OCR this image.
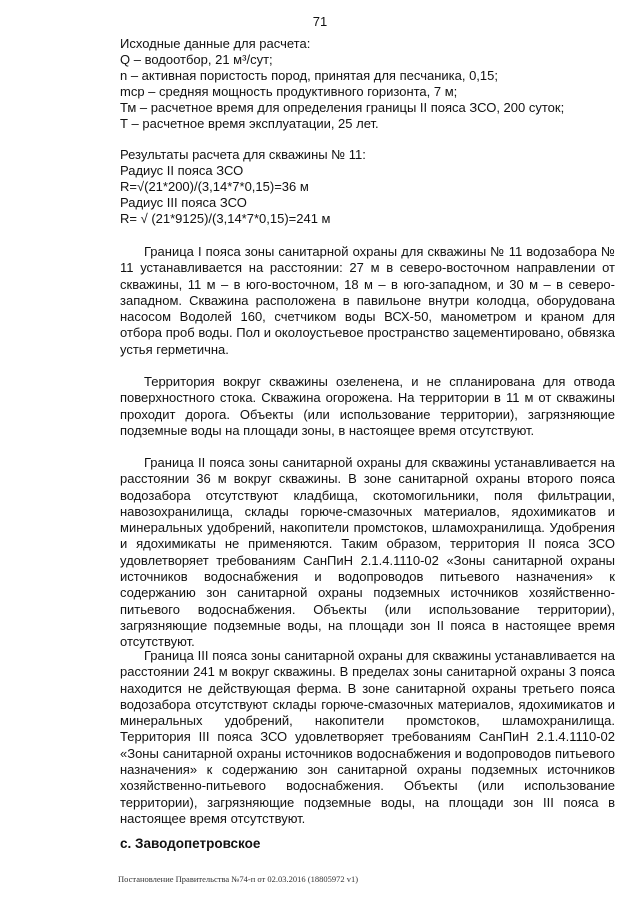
71
Исходные данные для расчета:
Q – водоотбор, 21 м³/сут;
n – активная пористость пород, принятая для песчаника, 0,15;
mср – средняя мощность продуктивного горизонта, 7 м;
Тм – расчетное время для определения границы II пояса ЗСО, 200 суток;
Т – расчетное время эксплуатации, 25 лет.
Результаты расчета для скважины № 11:
Радиус II пояса ЗСО
R=√(21*200)/(3,14*7*0,15)=36 м
Радиус III пояса ЗСО
R= √ (21*9125)/(3,14*7*0,15)=241 м

Граница I пояса зоны санитарной охраны для скважины № 11 водозабора № 11 устанавливается на расстоянии: 27 м в северо-восточном направлении от скважины, 11 м – в юго-восточном, 18 м – в юго-западном, и 30 м – в северо-западном. Скважина расположена в павильоне внутри колодца, оборудована насосом Водолей 160, счетчиком воды ВСХ-50, манометром и краном для отбора проб воды. Пол и околоустьевое пространство зацементировано, обвязка устья герметична.

Территория вокруг скважины озеленена, и не спланирована для отвода поверхностного стока. Скважина огорожена. На территории в 11 м от скважины проходит дорога. Объекты (или использование территории), загрязняющие подземные воды на площади зоны, в настоящее время отсутствуют.

Граница II пояса зоны санитарной охраны для скважины устанавливается на расстоянии 36 м вокруг скважины. В зоне санитарной охраны второго пояса водозабора отсутствуют кладбища, скотомогильники, поля фильтрации, навозохранилища, склады горюче-смазочных материалов, ядохимикатов и минеральных удобрений, накопители промстоков, шламохранилища. Удобрения и ядохимикаты не применяются. Таким образом, территория II пояса ЗСО удовлетворяет требованиям СанПиН 2.1.4.1110-02 «Зоны санитарной охраны источников водоснабжения и водопроводов питьевого назначения» к содержанию зон санитарной охраны подземных источников хозяйственно-питьевого водоснабжения. Объекты (или использование территории), загрязняющие подземные воды, на площади зон II пояса в настоящее время отсутствуют.

Граница III пояса зоны санитарной охраны для скважины устанавливается на расстоянии 241 м вокруг скважины. В пределах зоны санитарной охраны 3 пояса находится не действующая ферма. В зоне санитарной охраны третьего пояса водозабора отсутствуют склады горюче-смазочных материалов, ядохимикатов и минеральных удобрений, накопители промстоков, шламохранилища. Территория III пояса ЗСО удовлетворяет требованиям СанПиН 2.1.4.1110-02 «Зоны санитарной охраны источников водоснабжения и водопроводов питьевого назначения» к содержанию зон санитарной охраны подземных источников хозяйственно-питьевого водоснабжения. Объекты (или использование территории), загрязняющие подземные воды, на площади зон III пояса в настоящее время отсутствуют.

с. Заводопетровское
Постановление Правительства №74-п от 02.03.2016 (18805972 v1)
